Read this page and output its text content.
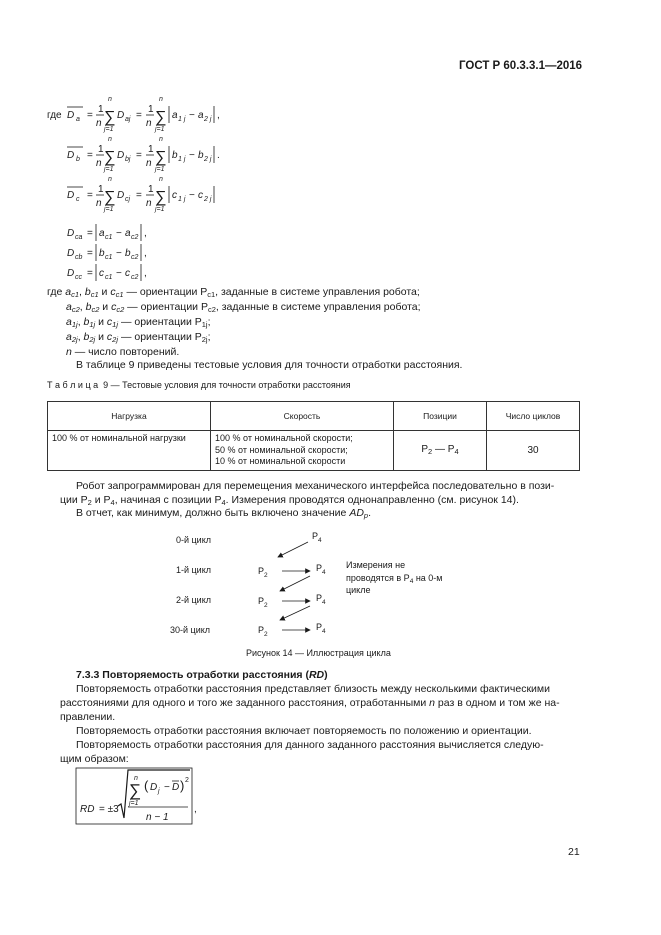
ГОСТ Р 60.3.3.1—2016
где D a =
1
n
n
∑
j=1
D aj =
1
n
n
∑
j=1
a 1 j − a 2 j ,
D b =
1
n
n
∑
j=1
D bj =
1
n
n
∑
j=1
b 1 j − b 2 j .
D c =
1
n
n
∑
j=1
D cj =
1
n
n
∑
j=1
c 1 j − c 2 j
D ca = a c1 − a c2 ,
D cb = b c1 − b c2 ,
D cc = c c1 − c c2 ,
где $a_{c1}$, $b_{c1}$ и $c_{c1}$ — ориентации $P_{c1}$, заданные в системе управления робота;
$a_{c2}$, $b_{c2}$ и $c_{c2}$ — ориентации $P_{c2}$, заданные в системе управления робота;
$a_{1j}$, $b_{1j}$ и $c_{1j}$ — ориентации $P_{1j}$;
$a_{2j}$, $b_{2j}$ и $c_{2j}$ — ориентации $P_{2j}$;
n — число повторений.
В таблице 9 приведены тестовые условия для точности отработки расстояния.
Т а б л и ц а 9 — Тестовые условия для точности отработки расстояния
Нагрузка	Скорость	Позиции	Число циклов
100 % от номинальной нагрузки	100 % от номинальной скорости;
50 % от номинальной скорости;
10 % от номинальной скорости	$P_2$ — $P_4$	30
Робот запрограммирован для перемещения механического интерфейса последовательно в пози-
ции $P_2$ и $P_4$, начиная с позиции $P_4$. Измерения проводятся однонаправленно (см. рисунок 14).
В отчет, как минимум, должно быть включено значение $AD_p$.
0-й цикл
1-й цикл
2-й цикл
30-й цикл
$P_4$
$P_2$
$P_4$
$P_2$
$P_4$
$P_2$
$P_4$
Измерения не
проводятся в $P_4$ на 0-м
цикле
Рисунок 14 — Иллюстрация цикла
7.3.3 Повторяемость отработки расстояния (RD)
Повторяемость отработки расстояния представляет близость между несколькими фактическими
расстояниями для одного и того же заданного расстояния, отработанными n раз в одном и том же на-
правлении.
Повторяемость отработки расстояния включает повторяемость по положению и ориентации.
Повторяемость отработки расстояния для данного заданного расстояния вычисляется следую-
щим образом:
RD = ±3
n
∑
j=1
( D j − D ) 2
n − 1
,
21
